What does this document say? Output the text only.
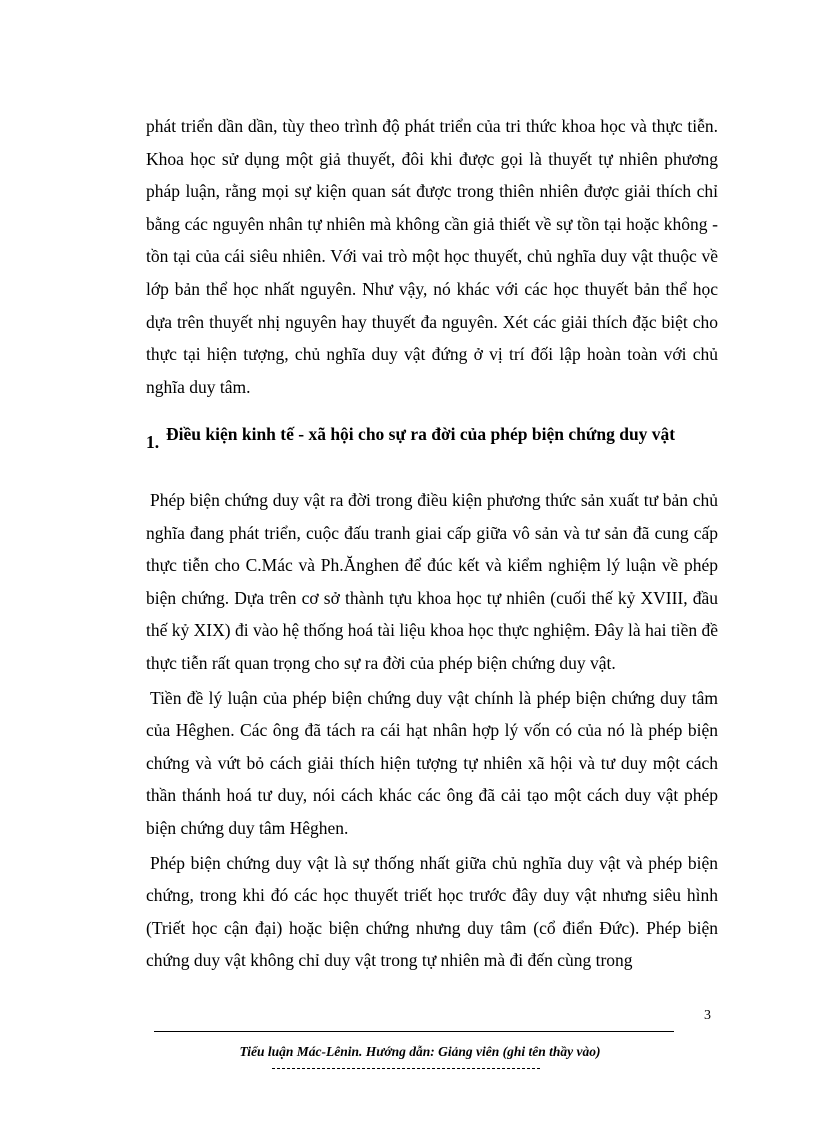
phát triển dần dần, tùy theo trình độ phát triển của tri thức khoa học và thực tiễn. Khoa học sử dụng một giả thuyết, đôi khi được gọi là thuyết tự nhiên phương pháp luận, rằng mọi sự kiện quan sát được trong thiên nhiên được giải thích chỉ bằng các nguyên nhân tự nhiên mà không cần giả thiết về sự tồn tại hoặc không - tồn tại của cái siêu nhiên. Với vai trò một học thuyết, chủ nghĩa duy vật thuộc về lớp bản thể học nhất nguyên. Như vậy, nó khác với các học thuyết bản thể học dựa trên thuyết nhị nguyên hay thuyết đa nguyên. Xét các giải thích đặc biệt cho thực tại hiện tượng, chủ nghĩa duy vật đứng ở vị trí đối lập hoàn toàn với chủ nghĩa duy tâm.
1. Điều kiện kinh tế - xã hội cho sự ra đời của phép biện chứng duy vật

Phép biện chứng duy vật ra đời trong điều kiện phương thức sản xuất tư bản chủ nghĩa đang phát triển, cuộc đấu tranh giai cấp giữa vô sản và tư sản đã cung cấp thực tiễn cho C.Mác và Ph.Ănghen để đúc kết và kiểm nghiệm lý luận về phép biện chứng. Dựa trên cơ sở thành tựu khoa học tự nhiên (cuối thế kỷ XVIII, đầu thế kỷ XIX) đi vào hệ thống hoá tài liệu khoa học thực nghiệm. Đây là hai tiền đề thực tiễn rất quan trọng cho sự ra đời của phép biện chứng duy vật.

Tiền đề lý luận của phép biện chứng duy vật chính là phép biện chứng duy tâm của Hêghen. Các ông đã tách ra cái hạt nhân hợp lý vốn có của nó là phép biện chứng và vứt bỏ cách giải thích hiện tượng tự nhiên xã hội và tư duy một cách thần thánh hoá tư duy, nói cách khác các ông đã cải tạo một cách duy vật phép biện chứng duy tâm Hêghen.

Phép biện chứng duy vật là sự thống nhất giữa chủ nghĩa duy vật và phép biện chứng, trong khi đó các học thuyết triết học trước đây duy vật nhưng siêu hình (Triết học cận đại) hoặc biện chứng nhưng duy tâm (cổ điển Đức). Phép biện chứng duy vật không chỉ duy vật trong tự nhiên mà đi đến cùng trong

3
Tiểu luận Mác-Lênin. Hướng dẫn: Giảng viên (ghi tên thầy vào)
